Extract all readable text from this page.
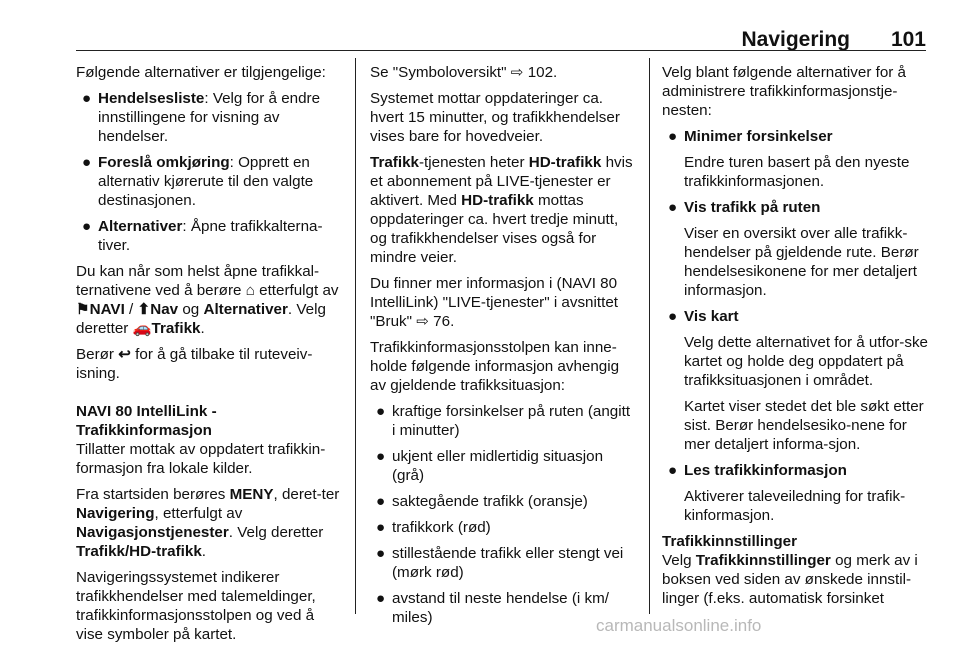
Navigering 101

Følgende alternativer er tilgjengelige:

● Hendelsesliste: Velg for å endre innstillingene for visning av hendelser.
● Foreslå omkjøring: Opprett en alternativ kjørerute til den valgte destinasjonen.
● Alternativer: Åpne trafikkalterna-tiver.

Du kan når som helst åpne trafikkal-ternativene ved å berøre ⌂ etterfulgt av ⚑NAVI / ⬆Nav og Alternativer. Velg deretter 🚗Trafikk.

Berør ↩ for å gå tilbake til ruteveiv-isning.

NAVI 80 IntelliLink - Trafikkinformasjon

Tillatter mottak av oppdatert trafikkin-formasjon fra lokale kilder.

Fra startsiden berøres MENY, deret-ter Navigering, etterfulgt av Navigasjonstjenester. Velg deretter Trafikk/HD-trafikk.

Navigeringssystemet indikerer trafikkhendelser med talemeldinger, trafikkinformasjonsstolpen og ved å vise symboler på kartet.

Se "Symboloversikt" ⇨ 102.

Systemet mottar oppdateringer ca. hvert 15 minutter, og trafikkhendelser vises bare for hovedveier.

Trafikk-tjenesten heter HD-trafikk hvis et abonnement på LIVE-tjenester er aktivert. Med HD-trafikk mottas oppdateringer ca. hvert tredje minutt, og trafikkhendelser vises også for mindre veier.

Du finner mer informasjon i (NAVI 80 IntelliLink) "LIVE-tjenester" i avsnittet "Bruk" ⇨ 76.

Trafikkinformasjonsstolpen kan inne-holde følgende informasjon avhengig av gjeldende trafikksituasjon:

● kraftige forsinkelser på ruten (angitt i minutter)
● ukjent eller midlertidig situasjon (grå)
● saktegående trafikk (oransje)
● trafikkork (rød)
● stillestående trafikk eller stengt vei (mørk rød)
● avstand til neste hendelse (i km/ miles)

Velg blant følgende alternativer for å administrere trafikkinformasjonstje-nesten:

● Minimer forsinkelser

Endre turen basert på den nyeste trafikkinformasjonen.

● Vis trafikk på ruten

Viser en oversikt over alle trafikk-hendelser på gjeldende rute. Berør hendelsesikonene for mer detaljert informasjon.

● Vis kart

Velg dette alternativet for å utfor-ske kartet og holde deg oppdatert på trafikksituasjonen i området.

Kartet viser stedet det ble søkt etter sist. Berør hendelsesiko-nene for mer detaljert informa-sjon.

● Les trafikkinformasjon

Aktiverer taleveiledning for trafik-kinformasjon.

Trafikkinnstillinger

Velg Trafikkinnstillinger og merk av i boksen ved siden av ønskede innstil-linger (f.eks. automatisk forsinket

carmanualsonline.info
